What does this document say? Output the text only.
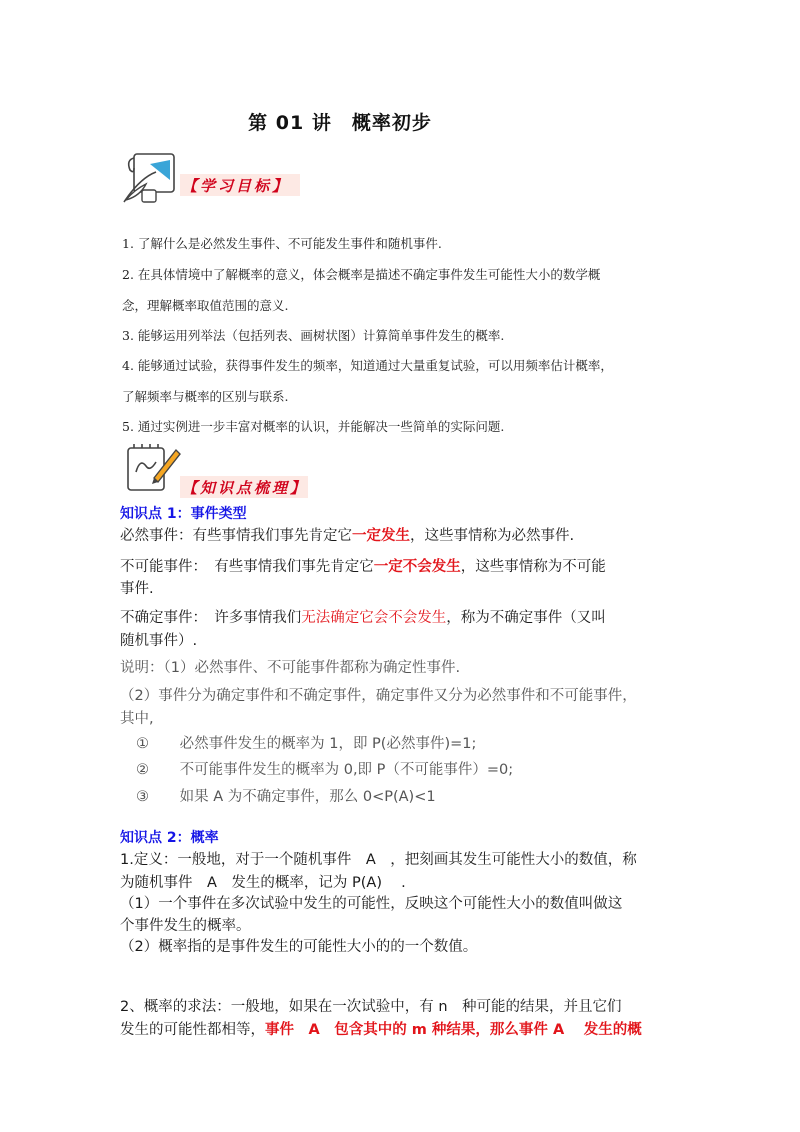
第 01 讲　概率初步
【学习目标】
1. 了解什么是必然发生事件、不可能发生事件和随机事件.
2. 在具体情境中了解概率的意义，体会概率是描述不确定事件发生可能性大小的数学概
念，理解概率取值范围的意义.
3. 能够运用列举法（包括列表、画树状图）计算简单事件发生的概率.
4. 能够通过试验，获得事件发生的频率，知道通过大量重复试验，可以用频率估计概率，
了解频率与概率的区别与联系.
5. 通过实例进一步丰富对概率的认识，并能解决一些简单的实际问题.
【知识点梳理】
知识点 1：事件类型
必然事件：有些事情我们事先肯定它一定发生，这些事情称为必然事件.
不可能事件：　有些事情我们事先肯定它一定不会发生，这些事情称为不可能
事件.
不确定事件：　许多事情我们无法确定它会不会发生，称为不确定事件（又叫
随机事件）.
说明：（1）必然事件、不可能事件都称为确定性事件.
（2）事件分为确定事件和不确定事件，确定事件又分为必然事件和不可能事件，
其中,
① 必然事件发生的概率为 1，即 P(必然事件)=1;
② 不可能事件发生的概率为 0,即 P（不可能事件）=0;
③ 如果 A 为不确定事件，那么 0<P(A)<1
知识点 2：概率
1.定义：一般地，对于一个随机事件　A　，把刻画其发生可能性大小的数值，称
为随机事件　A　发生的概率，记为 P(A)　 .
（1）一个事件在多次试验中发生的可能性，反映这个可能性大小的数值叫做这
个事件发生的概率。
（2）概率指的是事件发生的可能性大小的的一个数值。
2、概率的求法：一般地，如果在一次试验中，有 n　种可能的结果，并且它们
发生的可能性都相等，事件　A　包含其中的 m 种结果，那么事件 A　 发生的概
